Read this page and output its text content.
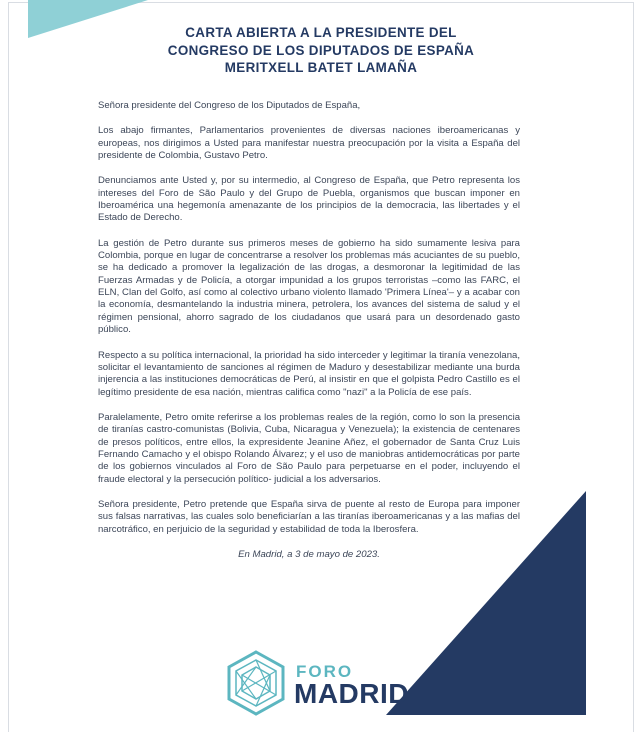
CARTA ABIERTA A LA PRESIDENTE DEL

CONGRESO DE LOS DIPUTADOS DE ESPAÑA

MERITXELL BATET LAMAÑA

Señora presidente del Congreso de los Diputados de España,

Los abajo firmantes, Parlamentarios provenientes de diversas naciones iberoamericanas y europeas, nos dirigimos a Usted para manifestar nuestra preocupación por la visita a España del presidente de Colombia, Gustavo Petro.

Denunciamos ante Usted y, por su intermedio, al Congreso de España, que Petro representa los intereses del Foro de São Paulo y del Grupo de Puebla, organismos que buscan imponer en Iberoamérica una hegemonía amenazante de los principios de la democracia, las libertades y el Estado de Derecho.

La gestión de Petro durante sus primeros meses de gobierno ha sido sumamente lesiva para Colombia, porque en lugar de concentrarse a resolver los problemas más acuciantes de su pueblo, se ha dedicado a promover la legalización de las drogas, a desmoronar la legitimidad de las Fuerzas Armadas y de Policía, a otorgar impunidad a los grupos terroristas –como las FARC, el ELN, Clan del Golfo, así como al colectivo urbano violento llamado 'Primera Línea'– y a acabar con la economía, desmantelando la industria minera, petrolera, los avances del sistema de salud y el régimen pensional, ahorro sagrado de los ciudadanos que usará para un desordenado gasto público.

Respecto a su política internacional, la prioridad ha sido interceder y legitimar la tiranía venezolana, solicitar el levantamiento de sanciones al régimen de Maduro y desestabilizar mediante una burda injerencia a las instituciones democráticas de Perú, al insistir en que el golpista Pedro Castillo es el legítimo presidente de esa nación, mientras califica como "nazi" a la Policía de ese país.

Paralelamente, Petro omite referirse a los problemas reales de la región, como lo son la presencia de tiranías castro-comunistas (Bolivia, Cuba, Nicaragua y Venezuela); la existencia de centenares de presos políticos, entre ellos, la expresidente Jeanine Añez, el gobernador de Santa Cruz Luis Fernando Camacho y el obispo Rolando Álvarez; y el uso de maniobras antidemocráticas por parte de los gobiernos vinculados al Foro de São Paulo para perpetuarse en el poder, incluyendo el fraude electoral y la persecución político- judicial a los adversarios.

Señora presidente, Petro pretende que España sirva de puente al resto de Europa para imponer sus falsas narrativas, las cuales solo beneficiarían a las tiranías iberoamericanas y a las mafias del narcotráfico, en perjuicio de la seguridad y estabilidad de toda la Iberosfera.

En Madrid, a 3 de mayo de 2023.

FORO

MADRID
